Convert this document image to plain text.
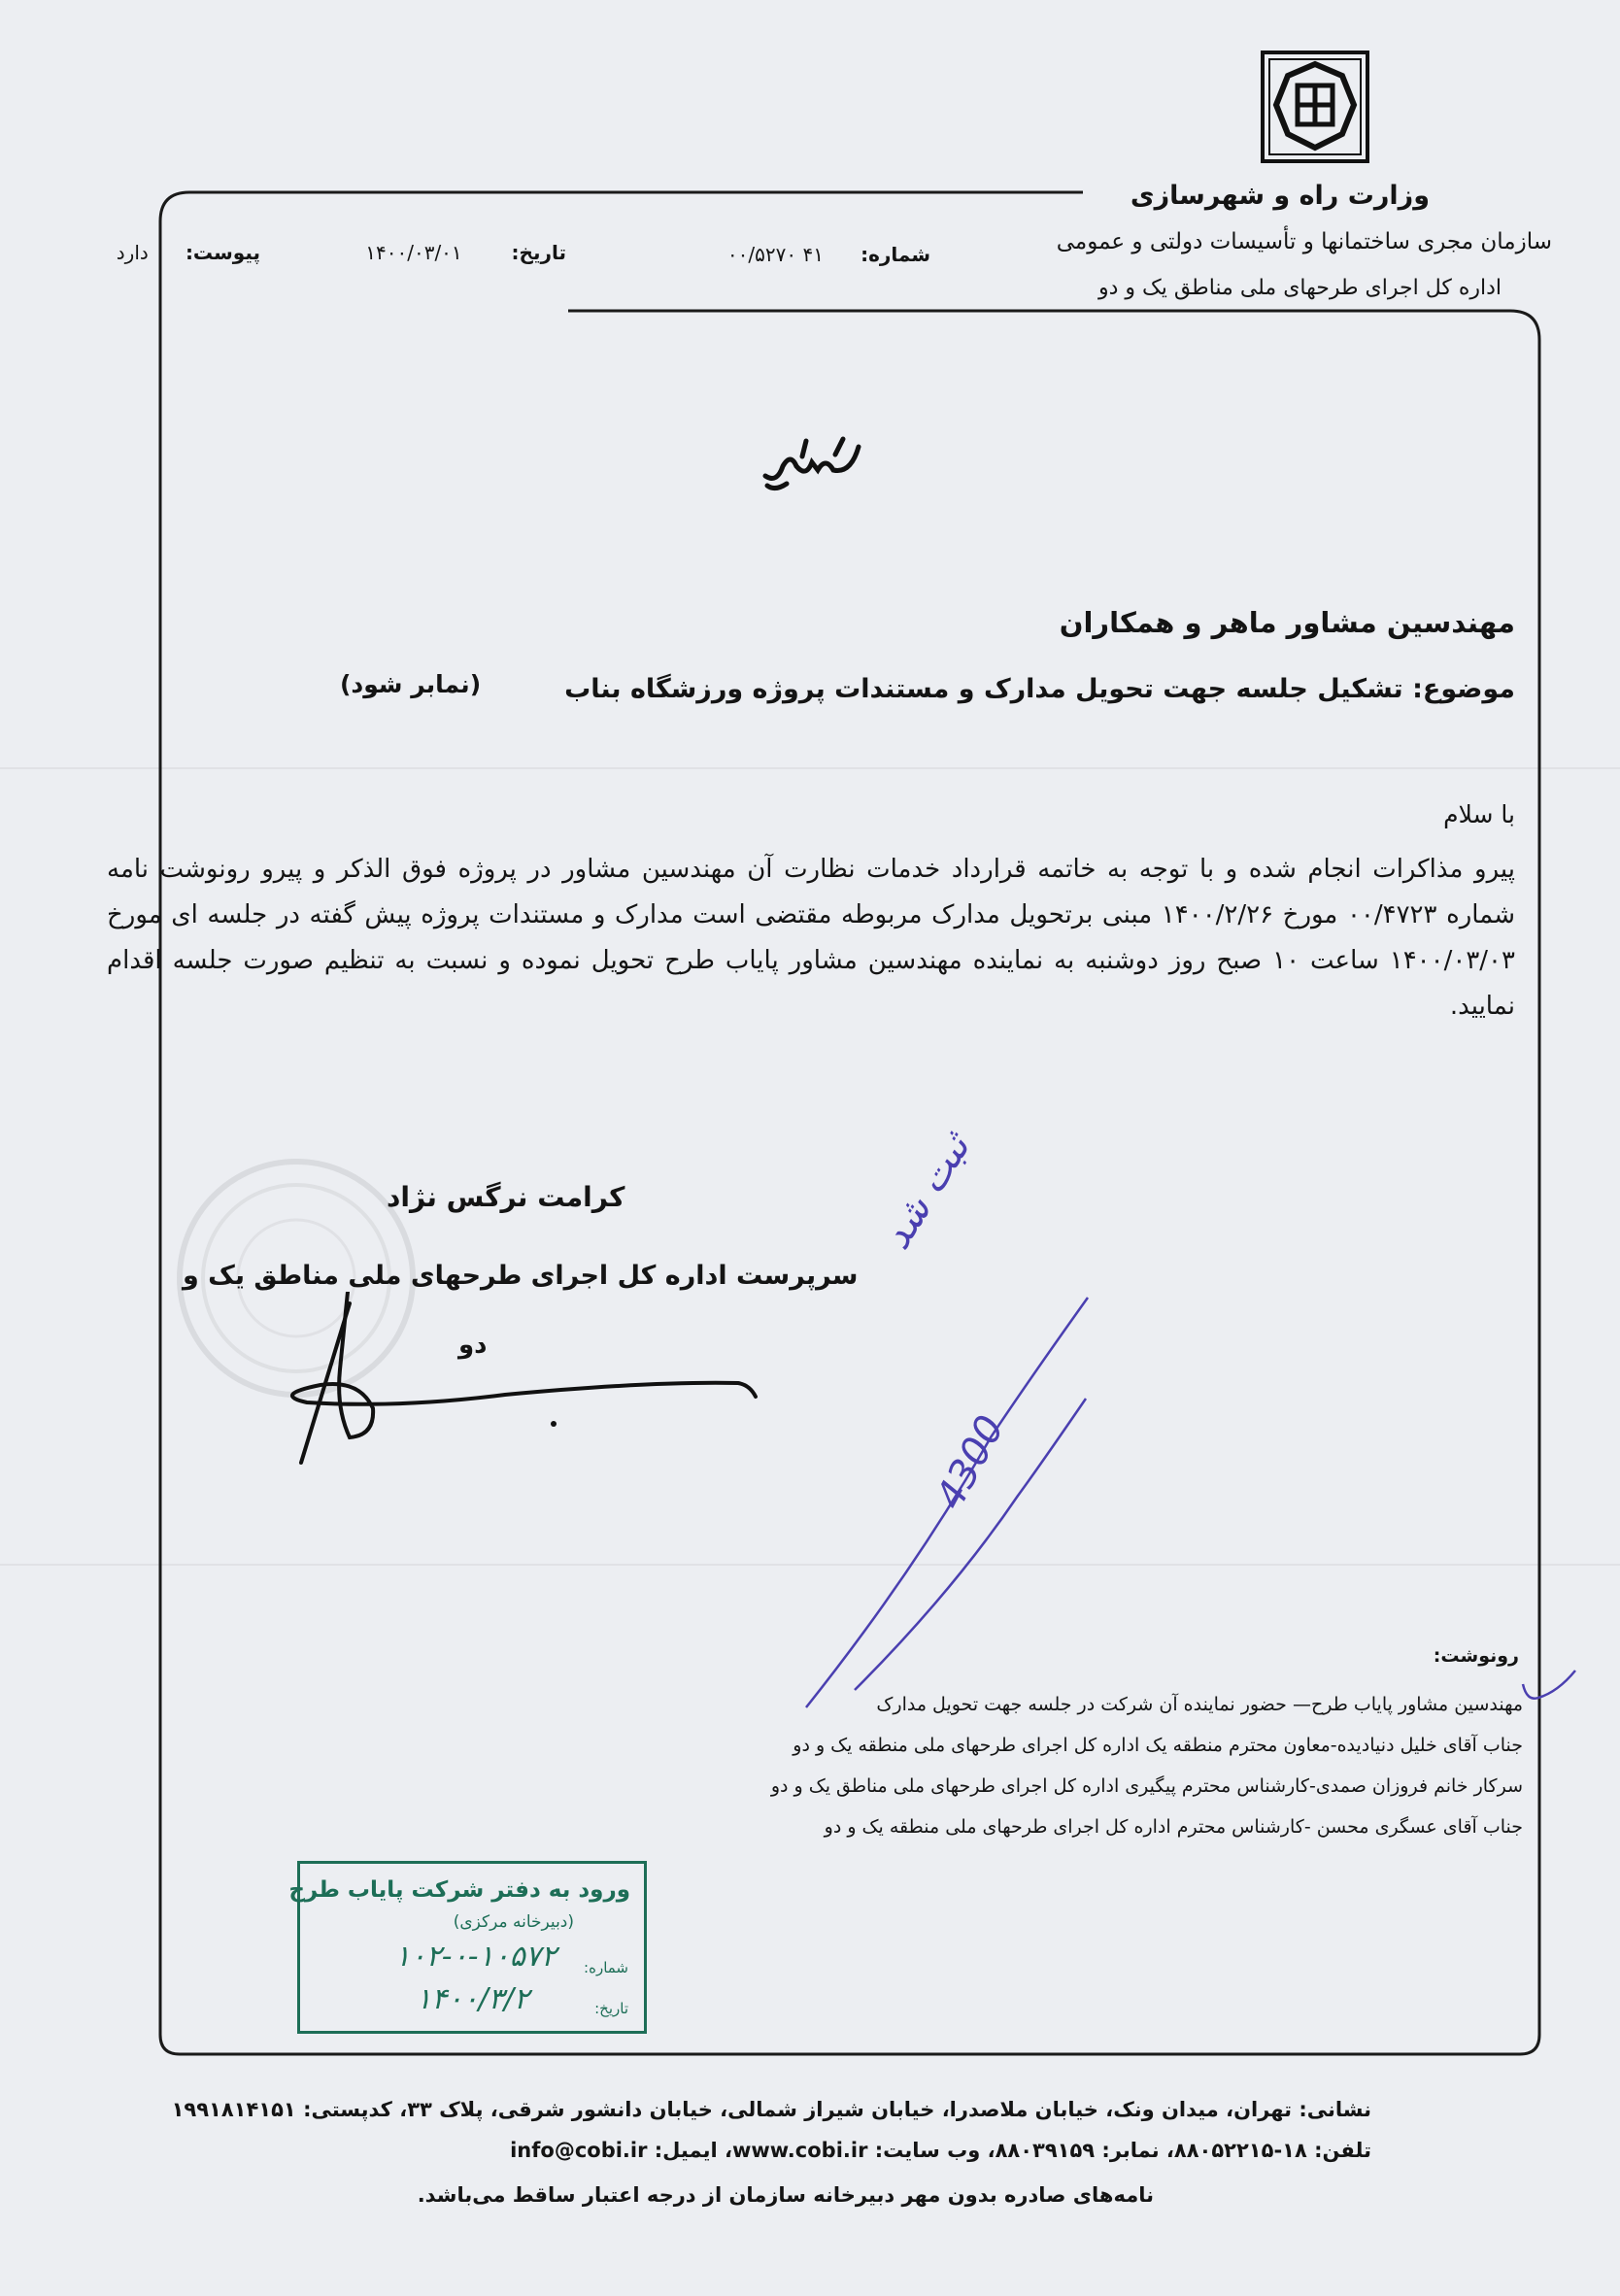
وزارت راه و شهرسازی
سازمان مجری ساختمانها و تأسیسات دولتی و عمومی
اداره کل اجرای طرحهای ملی مناطق یک و دو
شماره:      ۴۱ ۰۰/۵۲۷۰
تاریخ:        ۱۴۰۰/۰۳/۰۱
پیوست:      دارد
مهندسین مشاور ماهر و همکاران
موضوع: تشکیل جلسه جهت تحویل مدارک و مستندات پروژه ورزشگاه بناب
(نمابر شود)
با سلام
پیرو مذاکرات انجام شده و با توجه به خاتمه قرارداد خدمات نظارت آن مهندسین مشاور در پروژه فوق الذکر و پیرو رونوشت نامه شماره ۰۰/۴۷۲۳ مورخ ۱۴۰۰/۲/۲۶ مبنی برتحویل مدارک مربوطه مقتضی است مدارک و مستندات پروژه پیش گفته در جلسه ای مورخ ۱۴۰۰/۰۳/۰۳ ساعت ۱۰ صبح روز دوشنبه به نماینده مهندسین مشاور پایاب طرح تحویل نموده و نسبت به تنظیم صورت جلسه اقدام نمایید.
کرامت نرگس نژاد
سرپرست اداره کل اجرای طرحهای ملی مناطق یک و
دو
ثبت شد
4300
رونوشت:
مهندسین مشاور پایاب طرح— حضور نماینده آن شرکت در جلسه جهت تحویل مدارک
جناب آقای خلیل دنیادیده-معاون محترم منطقه یک اداره کل اجرای طرحهای ملی منطقه یک و دو
سرکار خانم فروزان صمدی-کارشناس محترم پیگیری اداره کل اجرای طرحهای ملی مناطق یک و دو
جناب آقای عسگری محسن -کارشناس محترم اداره کل اجرای طرحهای ملی منطقه یک و دو
ورود به دفتر شرکت پایاب طرح
(دبیرخانه مرکزی)
شماره:
۱۰۲-۰-۱۰۵۷۲
تاریخ:
۱۴۰۰/۳/۲
نشانی: تهران، میدان ونک، خیابان ملاصدرا، خیابان شیراز شمالی، خیابان دانشور شرقی، پلاک ۳۳، کدپستی: ۱۹۹۱۸۱۴۱۵۱
تلفن: ۱۸-۸۸۰۵۲۲۱۵، نمابر: ۸۸۰۳۹۱۵۹، وب سایت: www.cobi.ir، ایمیل: info@cobi.ir
نامه‌های صادره بدون مهر دبیرخانه سازمان از درجه اعتبار ساقط می‌باشد.
